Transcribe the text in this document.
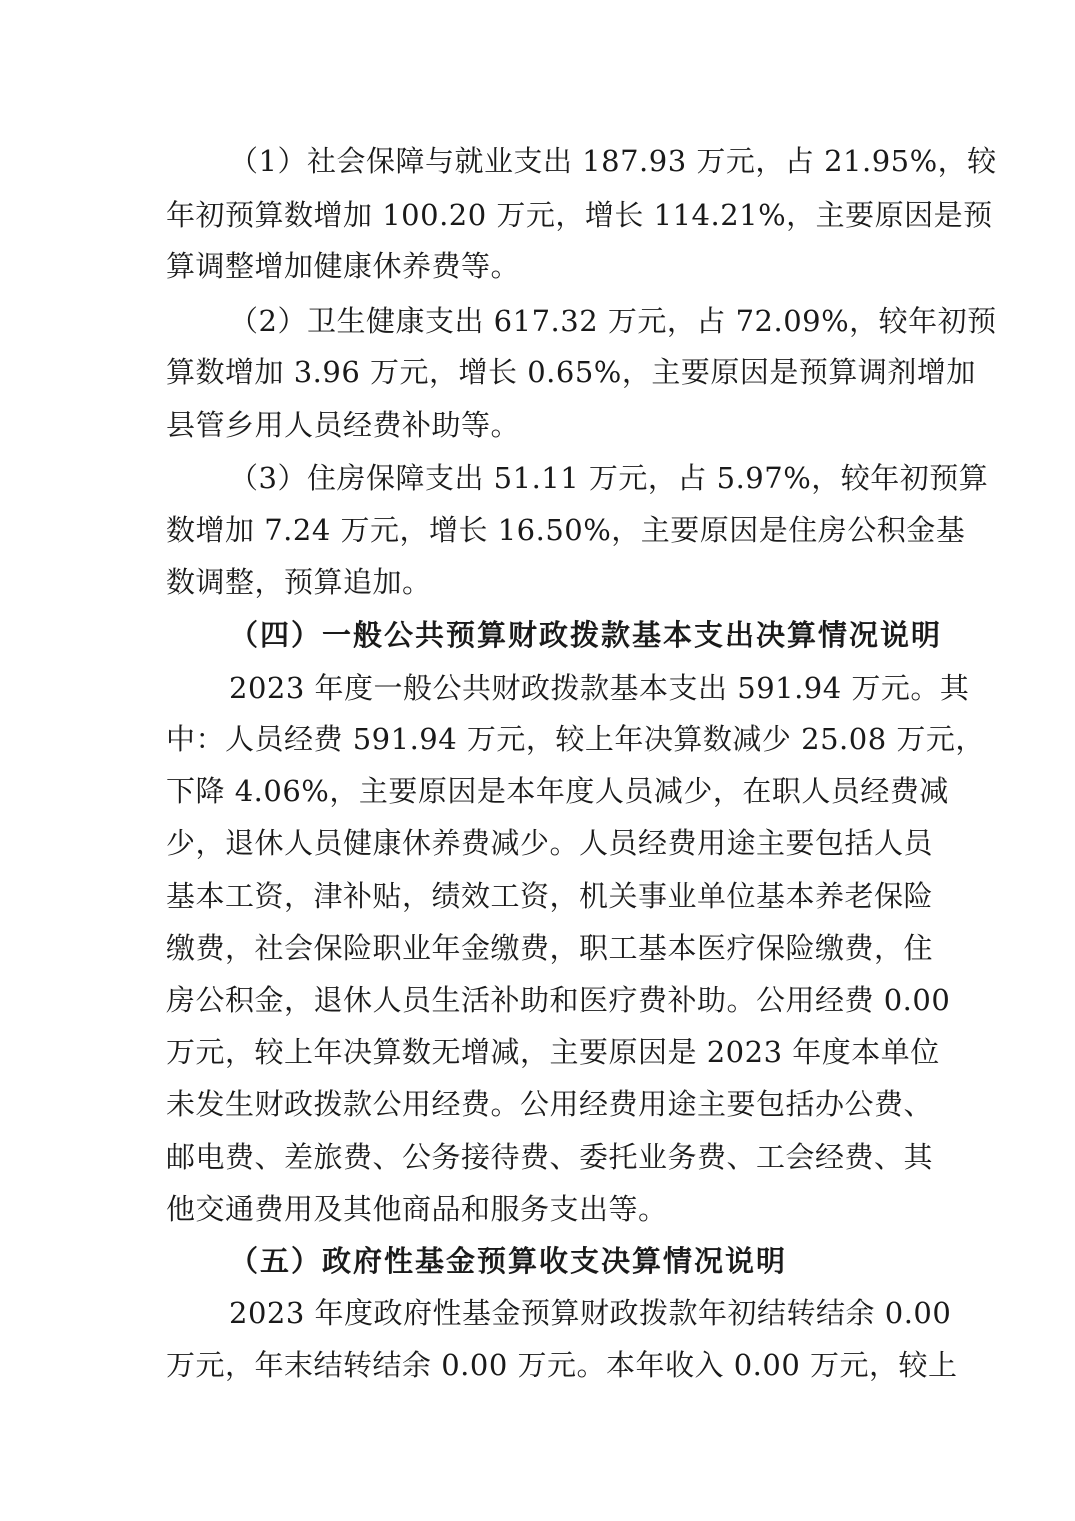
（1）社会保障与就业支出 187.93 万元，占 21.95%，较
年初预算数增加 100.20 万元，增长 114.21%，主要原因是预
算调整增加健康休养费等。
（2）卫生健康支出 617.32 万元，占 72.09%，较年初预
算数增加 3.96 万元，增长 0.65%，主要原因是预算调剂增加
县管乡用人员经费补助等。
（3）住房保障支出 51.11 万元，占 5.97%，较年初预算
数增加 7.24 万元，增长 16.50%，主要原因是住房公积金基
数调整，预算追加。
（四）一般公共预算财政拨款基本支出决算情况说明
2023 年度一般公共财政拨款基本支出 591.94 万元。其
中：人员经费 591.94 万元，较上年决算数减少 25.08 万元，
下降 4.06%，主要原因是本年度人员减少，在职人员经费减
少，退休人员健康休养费减少。人员经费用途主要包括人员
基本工资，津补贴，绩效工资，机关事业单位基本养老保险
缴费，社会保险职业年金缴费，职工基本医疗保险缴费，住
房公积金，退休人员生活补助和医疗费补助。公用经费 0.00
万元，较上年决算数无增减，主要原因是 2023 年度本单位
未发生财政拨款公用经费。公用经费用途主要包括办公费、
邮电费、差旅费、公务接待费、委托业务费、工会经费、其
他交通费用及其他商品和服务支出等。
（五）政府性基金预算收支决算情况说明
2023 年度政府性基金预算财政拨款年初结转结余 0.00
万元，年末结转结余 0.00 万元。本年收入 0.00 万元，较上
